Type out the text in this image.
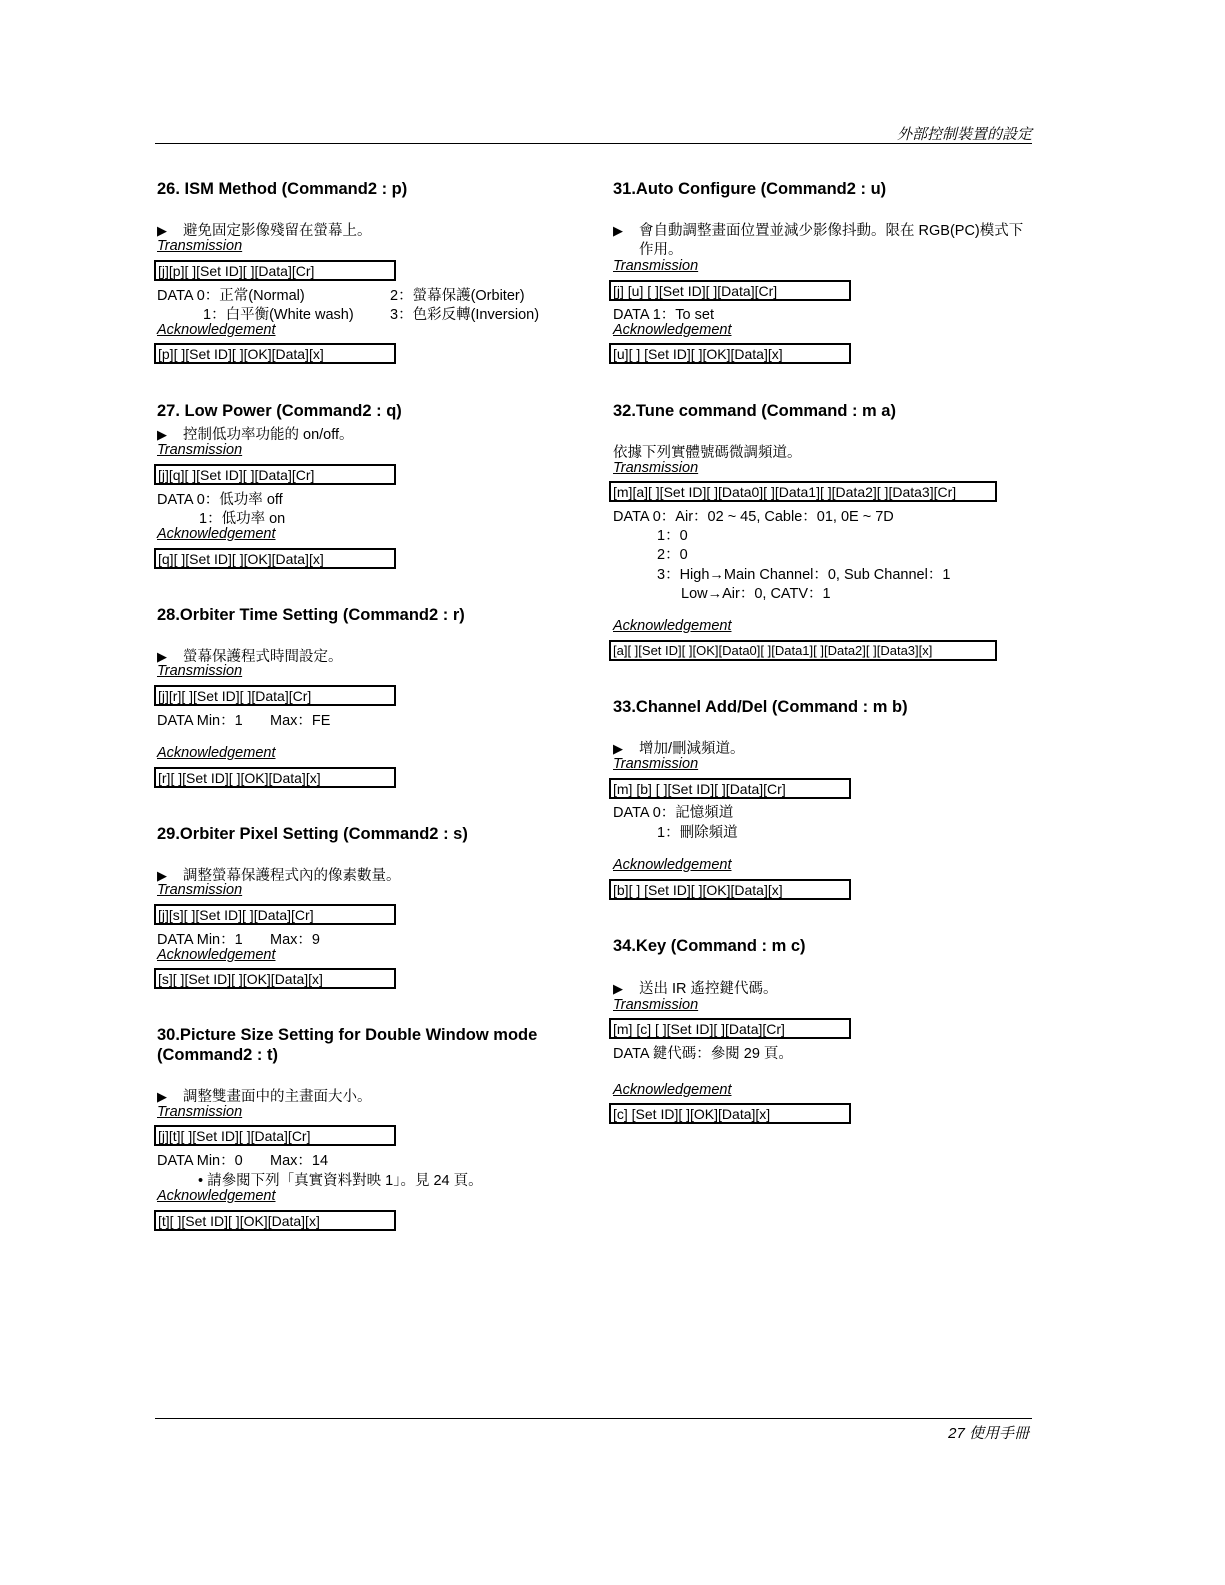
外部控制裝置的設定
26. ISM Method (Command2 : p)
▶ 避免固定影像殘留在螢幕上。
Transmission
[j][p][ ][Set ID][ ][Data][Cr]
DATA 0：正常(Normal)
1：白平衡(White wash)
2：螢幕保護(Orbiter)
3：色彩反轉(Inversion)
Acknowledgement
[p][ ][Set ID][ ][OK][Data][x]
27. Low Power (Command2 : q)
▶ 控制低功率功能的 on/off。
Transmission
[j][q][ ][Set ID][ ][Data][Cr]
DATA 0：低功率 off
1：低功率 on
Acknowledgement
[q][ ][Set ID][ ][OK][Data][x]
28.Orbiter Time Setting (Command2 : r)
▶ 螢幕保護程式時間設定。
Transmission
[j][r][ ][Set ID][ ][Data][Cr]
DATA Min：1 Max：FE
Acknowledgement
[r][ ][Set ID][ ][OK][Data][x]
29.Orbiter Pixel Setting (Command2 : s)
▶ 調整螢幕保護程式內的像素數量。
Transmission
[j][s][ ][Set ID][ ][Data][Cr]
DATA Min：1 Max：9
Acknowledgement
[s][ ][Set ID][ ][OK][Data][x]
30.Picture Size Setting for Double Window mode
(Command2 : t)
▶ 調整雙畫面中的主畫面大小。
Transmission
[j][t][ ][Set ID][ ][Data][Cr]
DATA Min：0 Max：14
• 請參閱下列「真實資料對映 1」。見 24 頁。
Acknowledgement
[t][ ][Set ID][ ][OK][Data][x]
31.Auto Configure (Command2 : u)
▶ 會自動調整畫面位置並減少影像抖動。限在 RGB(PC)模式下
作用。
Transmission
[j] [u] [ ][Set ID][ ][Data][Cr]
DATA 1：To set
Acknowledgement
[u][ ] [Set ID][ ][OK][Data][x]
32.Tune command (Command : m a)
依據下列實體號碼微調頻道。
Transmission
[m][a][ ][Set ID][ ][Data0][ ][Data1][ ][Data2][ ][Data3][Cr]
DATA 0：Air：02 ~ 45, Cable：01, 0E ~ 7D
1：0
2：0
3：High→Main Channel：0, Sub Channel：1
Low→Air：0, CATV：1
Acknowledgement
[a][ ][Set ID][ ][OK][Data0][ ][Data1][ ][Data2][ ][Data3][x]
33.Channel Add/Del (Command : m b)
▶ 增加/刪減頻道。
Transmission
[m] [b] [ ][Set ID][ ][Data][Cr]
DATA 0：記憶頻道
1：刪除頻道
Acknowledgement
[b][ ] [Set ID][ ][OK][Data][x]
34.Key (Command : m c)
▶ 送出 IR 遙控鍵代碼。
Transmission
[m] [c] [ ][Set ID][ ][Data][Cr]
DATA 鍵代碼：參閱 29 頁。
Acknowledgement
[c] [Set ID][ ][OK][Data][x]
27 使用手冊
